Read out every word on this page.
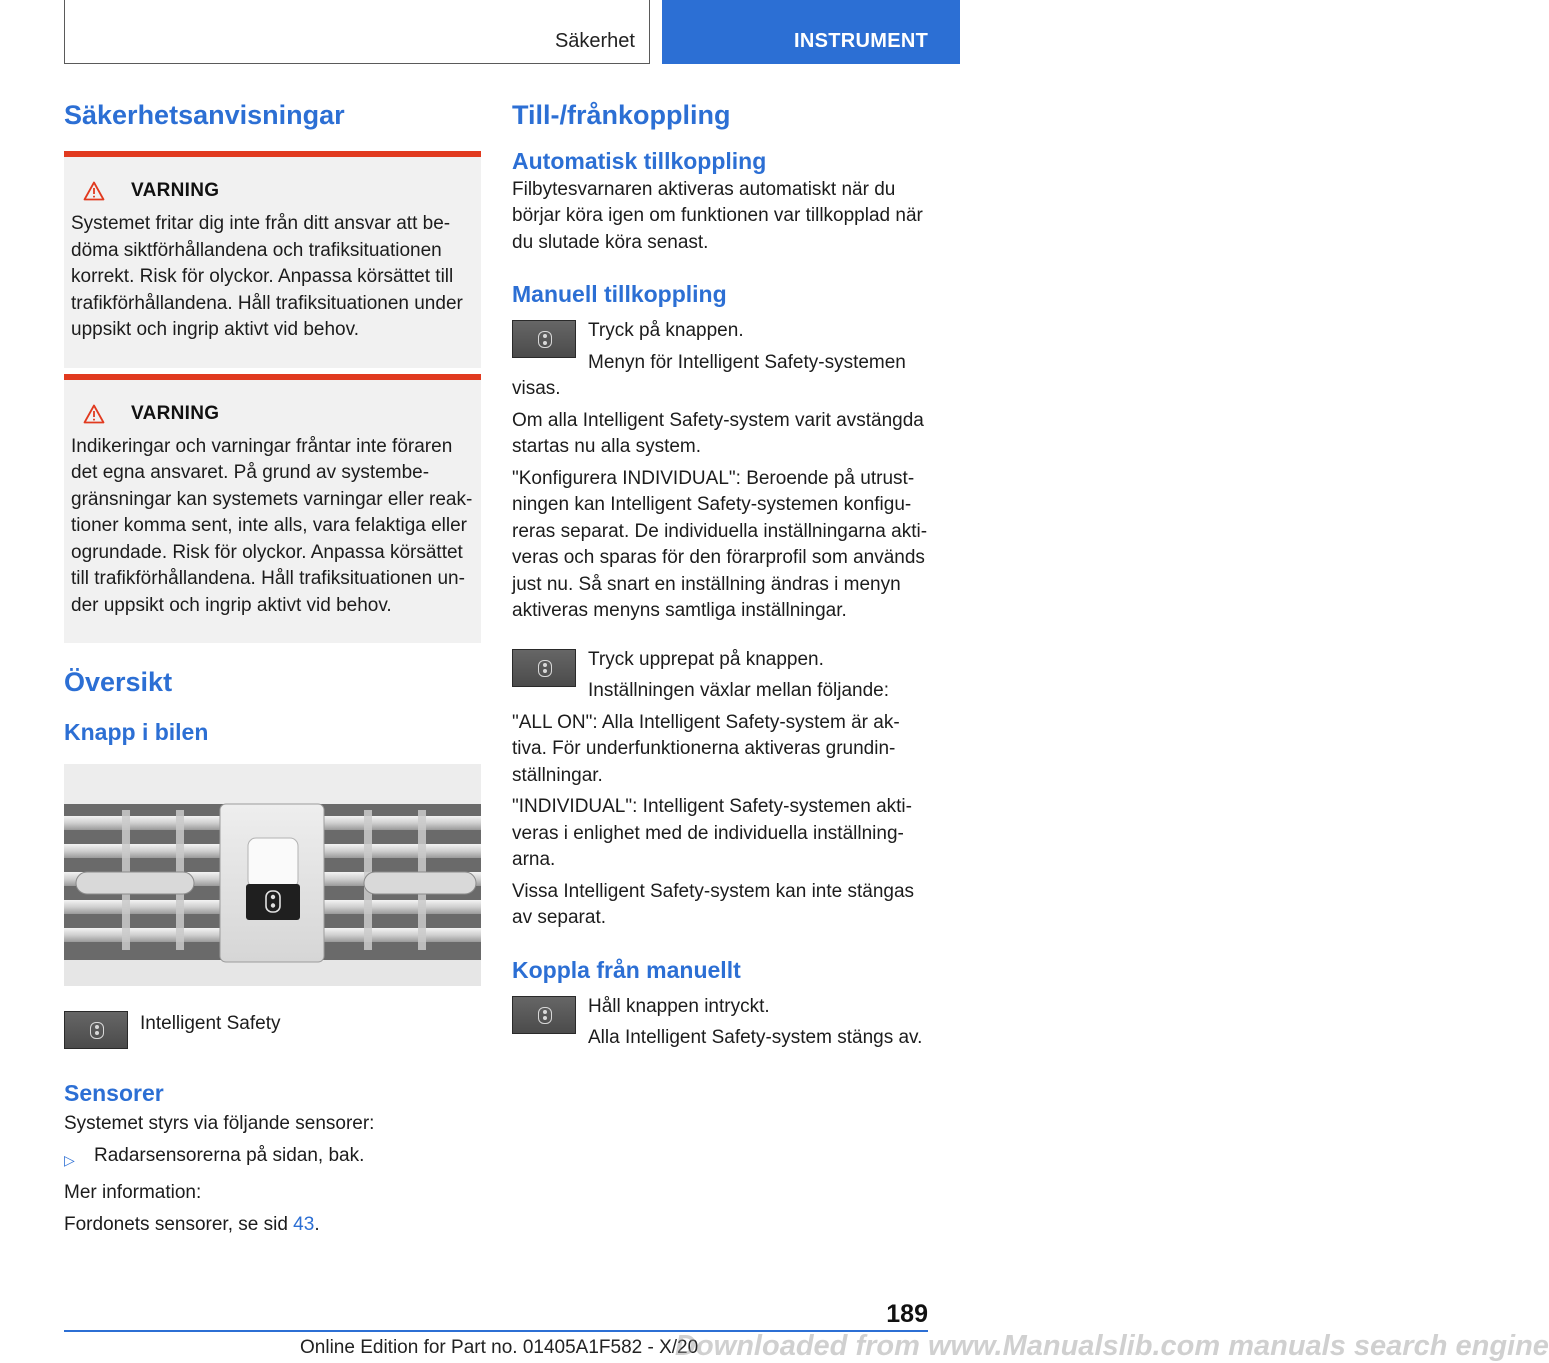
Säkerhet	INSTRUMENT
Säkerhetsanvisningar
VARNING
Systemet fritar dig inte från ditt ansvar att bedöma siktförhållandena och trafiksituationen korrekt. Risk för olyckor. Anpassa körsättet till trafikförhållandena. Håll trafiksituationen under uppsikt och ingrip aktivt vid behov.
VARNING
Indikeringar och varningar fråntar inte föraren det egna ansvaret. På grund av systembegränsningar kan systemets varningar eller reaktioner komma sent, inte alls, vara felaktiga eller ogrundade. Risk för olyckor. Anpassa körsättet till trafikförhållandena. Håll trafiksituationen under uppsikt och ingrip aktivt vid behov.
Översikt
Knapp i bilen
Intelligent Safety
Sensorer
Systemet styrs via följande sensorer:
▷	Radarsensorerna på sidan, bak.
Mer information:
Fordonets sensorer, se sid 43.
Till-/frånkoppling
Automatisk tillkoppling
Filbytesvarnaren aktiveras automatiskt när du börjar köra igen om funktionen var tillkopplad när du slutade köra senast.
Manuell tillkoppling
Tryck på knappen.
Menyn för Intelligent Safety-systemen visas.
Om alla Intelligent Safety-system varit avstängda startas nu alla system.
"Konfigurera INDIVIDUAL": Beroende på utrustningen kan Intelligent Safety-systemen konfigureras separat. De individuella inställningarna aktiveras och sparas för den förarprofil som används just nu. Så snart en inställning ändras i menyn aktiveras menyns samtliga inställningar.
Tryck upprepat på knappen.
Inställningen växlar mellan följande:
"ALL ON": Alla Intelligent Safety-system är aktiva. För underfunktionerna aktiveras grundinställningar.
"INDIVIDUAL": Intelligent Safety-systemen aktiveras i enlighet med de individuella inställningarna.
Vissa Intelligent Safety-system kan inte stängas av separat.
Koppla från manuellt
Håll knappen intryckt.
Alla Intelligent Safety-system stängs av.
189
Online Edition for Part no. 01405A1F582 - X/20
Downloaded from www.Manualslib.com manuals search engine
